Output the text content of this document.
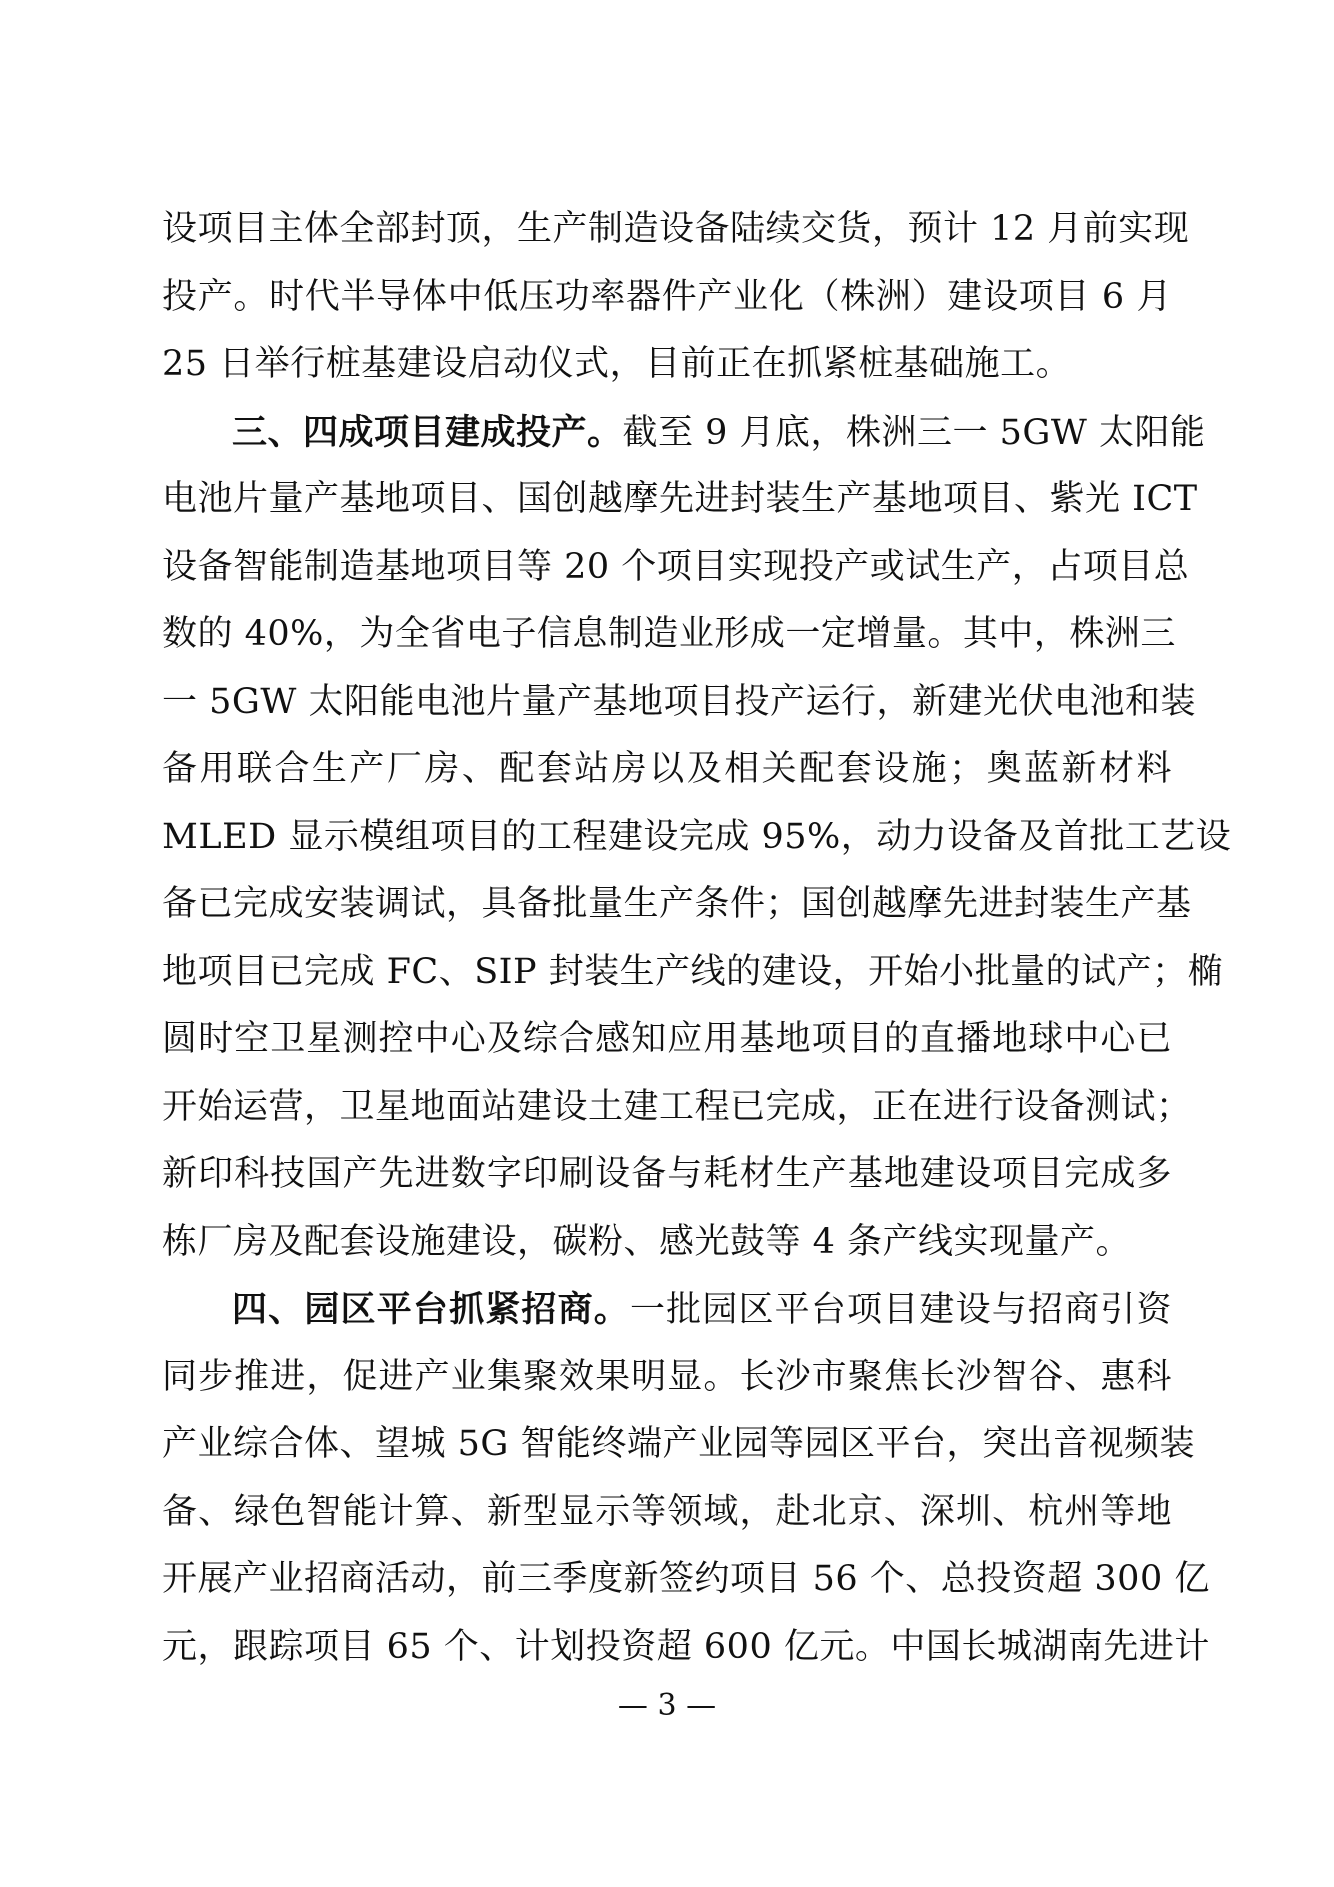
设项目主体全部封顶，生产制造设备陆续交货，预计 12 月前实现
投产。时代半导体中低压功率器件产业化（株洲）建设项目 6 月
25 日举行桩基建设启动仪式，目前正在抓紧桩基础施工。
三、四成项目建成投产。截至 9 月底，株洲三一 5GW 太阳能
电池片量产基地项目、国创越摩先进封装生产基地项目、紫光 ICT
设备智能制造基地项目等 20 个项目实现投产或试生产，占项目总
数的 40%，为全省电子信息制造业形成一定增量。其中，株洲三
一 5GW 太阳能电池片量产基地项目投产运行，新建光伏电池和装
备用联合生产厂房、配套站房以及相关配套设施；奥蓝新材料
MLED 显示模组项目的工程建设完成 95%，动力设备及首批工艺设
备已完成安装调试，具备批量生产条件；国创越摩先进封装生产基
地项目已完成 FC、SIP 封装生产线的建设，开始小批量的试产；椭
圆时空卫星测控中心及综合感知应用基地项目的直播地球中心已
开始运营，卫星地面站建设土建工程已完成，正在进行设备测试；
新印科技国产先进数字印刷设备与耗材生产基地建设项目完成多
栋厂房及配套设施建设，碳粉、感光鼓等 4 条产线实现量产。
四、园区平台抓紧招商。一批园区平台项目建设与招商引资
同步推进，促进产业集聚效果明显。长沙市聚焦长沙智谷、惠科
产业综合体、望城 5G 智能终端产业园等园区平台，突出音视频装
备、绿色智能计算、新型显示等领域，赴北京、深圳、杭州等地
开展产业招商活动，前三季度新签约项目 56 个、总投资超 300 亿
元，跟踪项目 65 个、计划投资超 600 亿元。中国长城湖南先进计
— 3 —
